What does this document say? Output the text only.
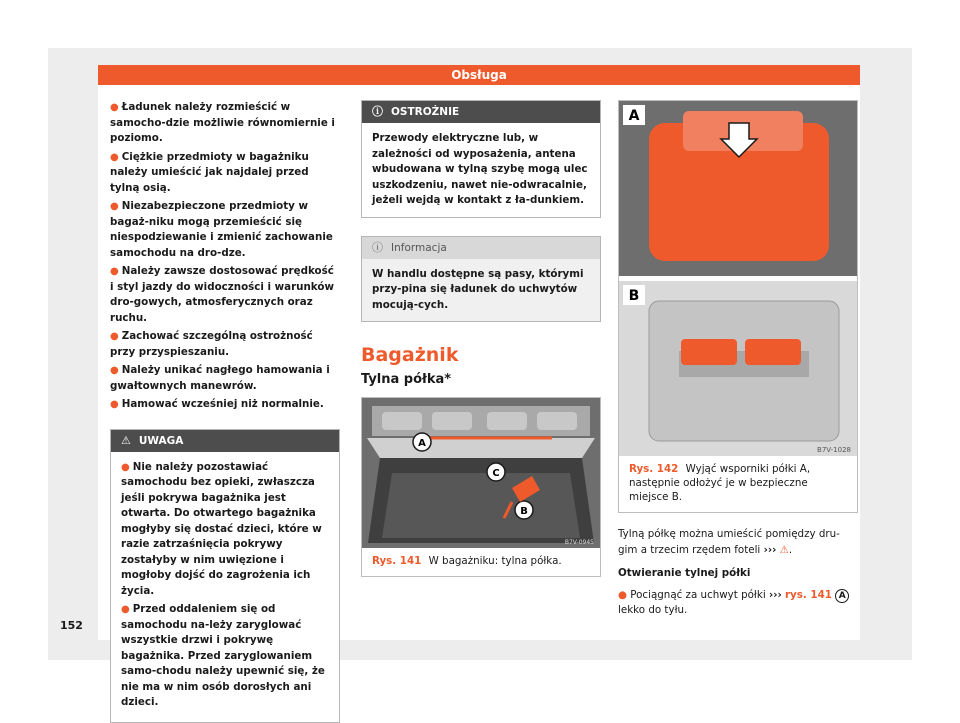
Obsługa

● Ładunek należy rozmieścić w samocho-dzie możliwie równomiernie i poziomo.

● Ciężkie przedmioty w bagażniku należy umieścić jak najdalej przed tylną osią.

● Niezabezpieczone przedmioty w bagaż-niku mogą przemieścić się niespodziewanie i zmienić zachowanie samochodu na dro-dze.

● Należy zawsze dostosować prędkość i styl jazdy do widoczności i warunków dro-gowych, atmosferycznych oraz ruchu.

● Zachować szczególną ostrożność przy przyspieszaniu.

● Należy unikać nagłego hamowania i gwałtownych manewrów.

● Hamować wcześniej niż normalnie.

⚠ UWAGA

● Nie należy pozostawiać samochodu bez opieki, zwłaszcza jeśli pokrywa bagażnika jest otwarta. Do otwartego bagażnika mogłyby się dostać dzieci, które w razie zatrzaśnięcia pokrywy zostałyby w nim uwięzione i mogłoby dojść do zagrożenia ich życia.

● Przed oddaleniem się od samochodu na-leży zaryglować wszystkie drzwi i pokrywę bagażnika. Przed zaryglowaniem samo-chodu należy upewnić się, że nie ma w nim osób dorosłych ani dzieci.

ⓘ OSTROŻNIE
Przewody elektryczne lub, w zależności od wyposażenia, antena wbudowana w tylną szybę mogą ulec uszkodzeniu, nawet nie-odwracalnie, jeżeli wejdą w kontakt z ła-dunkiem.
ⓘ Informacja
W handlu dostępne są pasy, którymi przy-pina się ładunek do uchwytów mocują-cych.
Bagażnik
Tylna półka*
A
B
C
B7V-0945
Rys. 141 W bagażniku: tylna półka.
A
B
B7V-1028
Rys. 142 Wyjąć wsporniki półki A, następnie odłożyć je w bezpieczne miejsce B.

Tylną półkę można umieścić pomiędzy dru-gim a trzecim rzędem foteli ››› ⚠.

Otwieranie tylnej półki

● Pociągnąć za uchwyt półki ››› rys. 141 A
lekko do tyłu.

152
